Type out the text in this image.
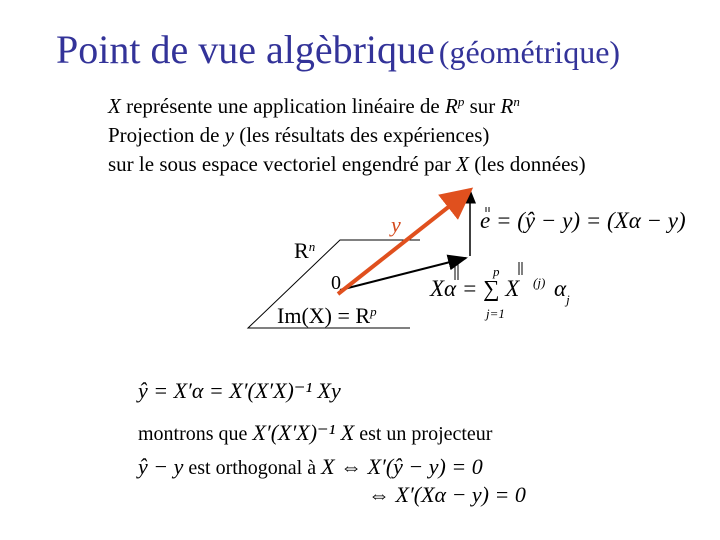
Point de vue algèbrique (géométrique)
X représente une application linéaire de $R^p$ sur $R^n$
Projection de y (les résultats des expériences)
sur le sous espace vectoriel engendré par X (les données)
y
$R^n$
0
$Im(X) = R^p$
e = (ŷ − y) = (Xα − y)
Xα = ∑ X
p
j=1
(j) $\alpha_j$
ŷ = X′α = X′(X′X)⁻¹ Xy
montrons que X′(X′X)⁻¹ X est un projecteur
ŷ − y est orthogonal à X ⇔ X′(ŷ − y) = 0
⇔ X′(Xα − y) = 0
